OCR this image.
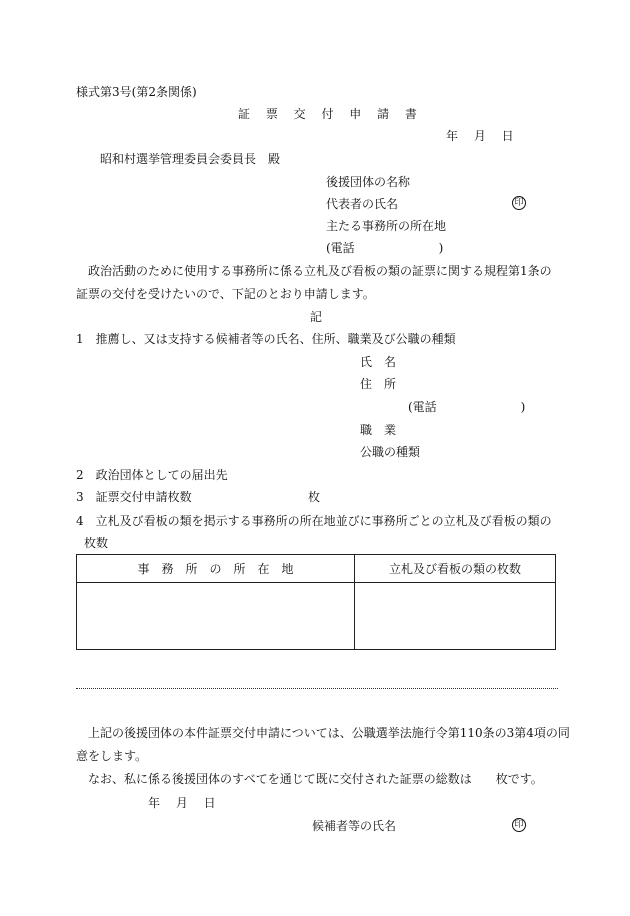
様式第3号(第2条関係)
証 票 交 付 申 請 書
年 　月 　日
昭和村選挙管理委員会委員長　殿
後援団体の名称
代表者の氏名	印
主たる事務所の所在地
(電話　　　　　　　)
政治活動のために使用する事務所に係る立札及び看板の類の証票に関する規程第1条の
証票の交付を受けたいので、下記のとおり申請します。
記
1　推薦し、又は支持する候補者等の氏名、住所、職業及び公職の種類
氏　名
住　所
(電話　　　　　　　)
職　業
公職の種類
2　政治団体としての届出先
3　証票交付申請枚数	枚
4　立札及び看板の類を掲示する事務所の所在地並びに事務所ごとの立札及び看板の類の
枚数
事　務　所　の　所　在　地	立札及び看板の類の枚数
上記の後援団体の本件証票交付申請については、公職選挙法施行令第110条の3第4項の同
意をします。
なお、私に係る後援団体のすべてを通じて既に交付された証票の総数は　　枚です。
年　 月　 日
候補者等の氏名	印
